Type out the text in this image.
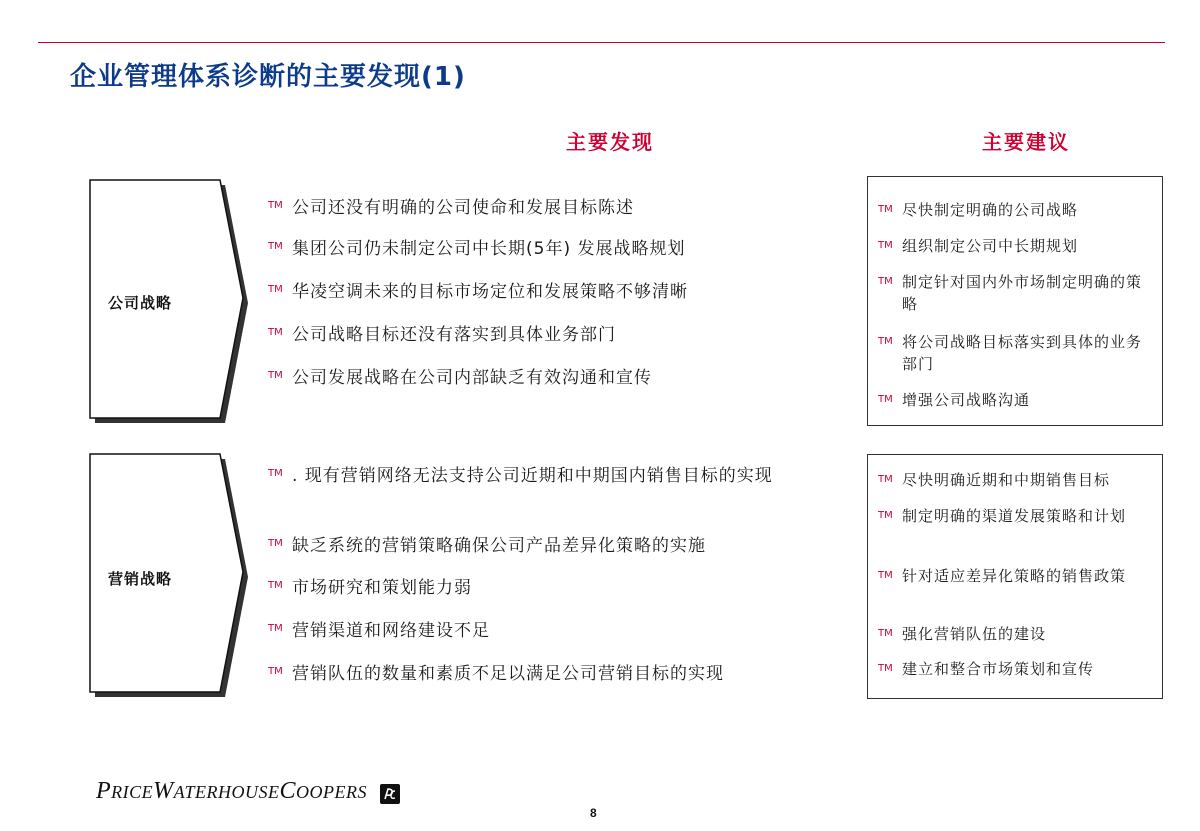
企业管理体系诊断的主要发现(1)
主要发现	主要建议
公司战略
TM 公司还没有明确的公司使命和发展目标陈述
TM 集团公司仍未制定公司中长期(5年) 发展战略规划
TM 华凌空调未来的目标市场定位和发展策略不够清晰
TM 公司战略目标还没有落实到具体业务部门
TM 公司发展战略在公司内部缺乏有效沟通和宣传
TM 尽快制定明确的公司战略
TM 组织制定公司中长期规划
TM 制定针对国内外市场制定明确的策略
TM 将公司战略目标落实到具体的业务部门
TM 增强公司战略沟通
营销战略
TM . 现有营销网络无法支持公司近期和中期国内销售目标的实现
TM 缺乏系统的营销策略确保公司产品差异化策略的实施
TM 市场研究和策划能力弱
TM 营销渠道和网络建设不足
TM 营销队伍的数量和素质不足以满足公司营销目标的实现
TM 尽快明确近期和中期销售目标
TM 制定明确的渠道发展策略和计划
TM 针对适应差异化策略的销售政策
TM 强化营销队伍的建设
TM 建立和整合市场策划和宣传
PRICEWATERHOUSECOOPERS
8
